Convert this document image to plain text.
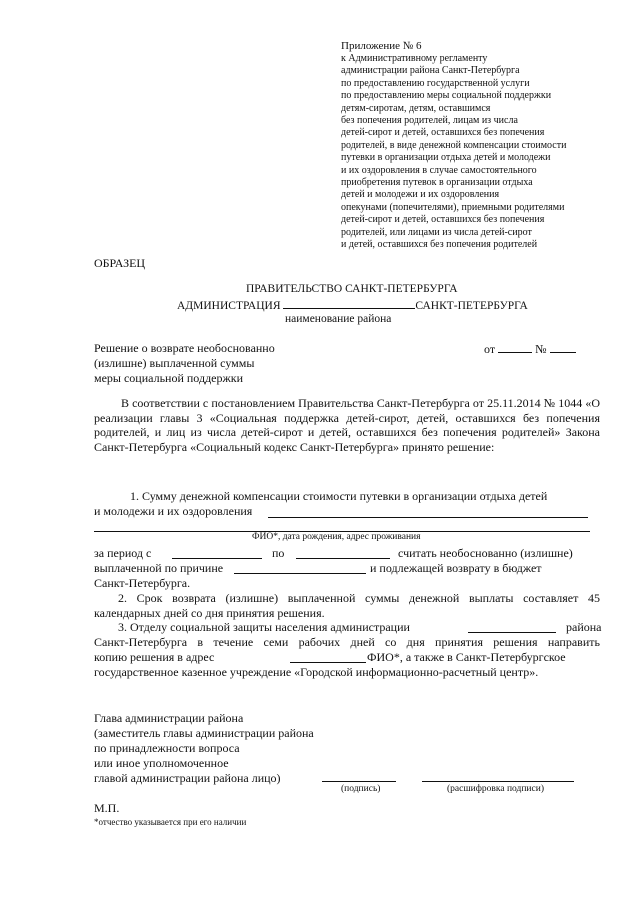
Приложение № 6
к Административному регламенту
администрации района Санкт-Петербурга
по предоставлению государственной услуги
по предоставлению меры социальной поддержки
детям-сиротам, детям, оставшимся
без попечения родителей, лицам из числа
детей-сирот и детей, оставшихся без попечения
родителей, в виде денежной компенсации стоимости
путевки в организации отдыха детей и молодежи
и их оздоровления в случае самостоятельного
приобретения путевок в организации отдыха
детей и молодежи и их оздоровления
опекунами (попечителями), приемными родителями
детей-сирот и детей, оставшихся без попечения
родителей, или лицами из числа детей-сирот
и детей, оставшихся без попечения родителей
ОБРАЗЕЦ
ПРАВИТЕЛЬСТВО САНКТ-ПЕТЕРБУРГА
АДМИНИСТРАЦИЯ	САНКТ-ПЕТЕРБУРГА
наименование района
Решение о возврате необоснованно
(излишне) выплаченной суммы
меры социальной поддержки
от	№
В соответствии с постановлением Правительства Санкт-Петербурга от 25.11.2014 № 1044 «О реализации главы 3 «Социальная поддержка детей-сирот, детей, оставшихся без попечения родителей, и лиц из числа детей-сирот и детей, оставшихся без попечения родителей» Закона Санкт-Петербурга «Социальный кодекс Санкт-Петербурга» принято решение:
1. Сумму денежной компенсации стоимости путевки в организации отдыха детей
и молодежи и их оздоровления
ФИО*, дата рождения, адрес проживания
за период с	по	считать необоснованно (излишне)
выплаченной по причине	и подлежащей возврату в бюджет
Санкт-Петербурга.
2. Срок возврата (излишне) выплаченной суммы денежной выплаты составляет 45 календарных дней со дня принятия решения.
3. Отделу социальной защиты населения администрации	района
Санкт-Петербурга в течение семи рабочих дней со дня принятия решения направить
копию решения в адрес	ФИО*, а также в Санкт-Петербургское
государственное казенное учреждение «Городской информационно-расчетный центр».
Глава администрации района
(заместитель главы администрации района
по принадлежности вопроса
или иное уполномоченное
главой администрации района лицо)
(подпись)	(расшифровка подписи)
М.П.
*отчество указывается при его наличии
